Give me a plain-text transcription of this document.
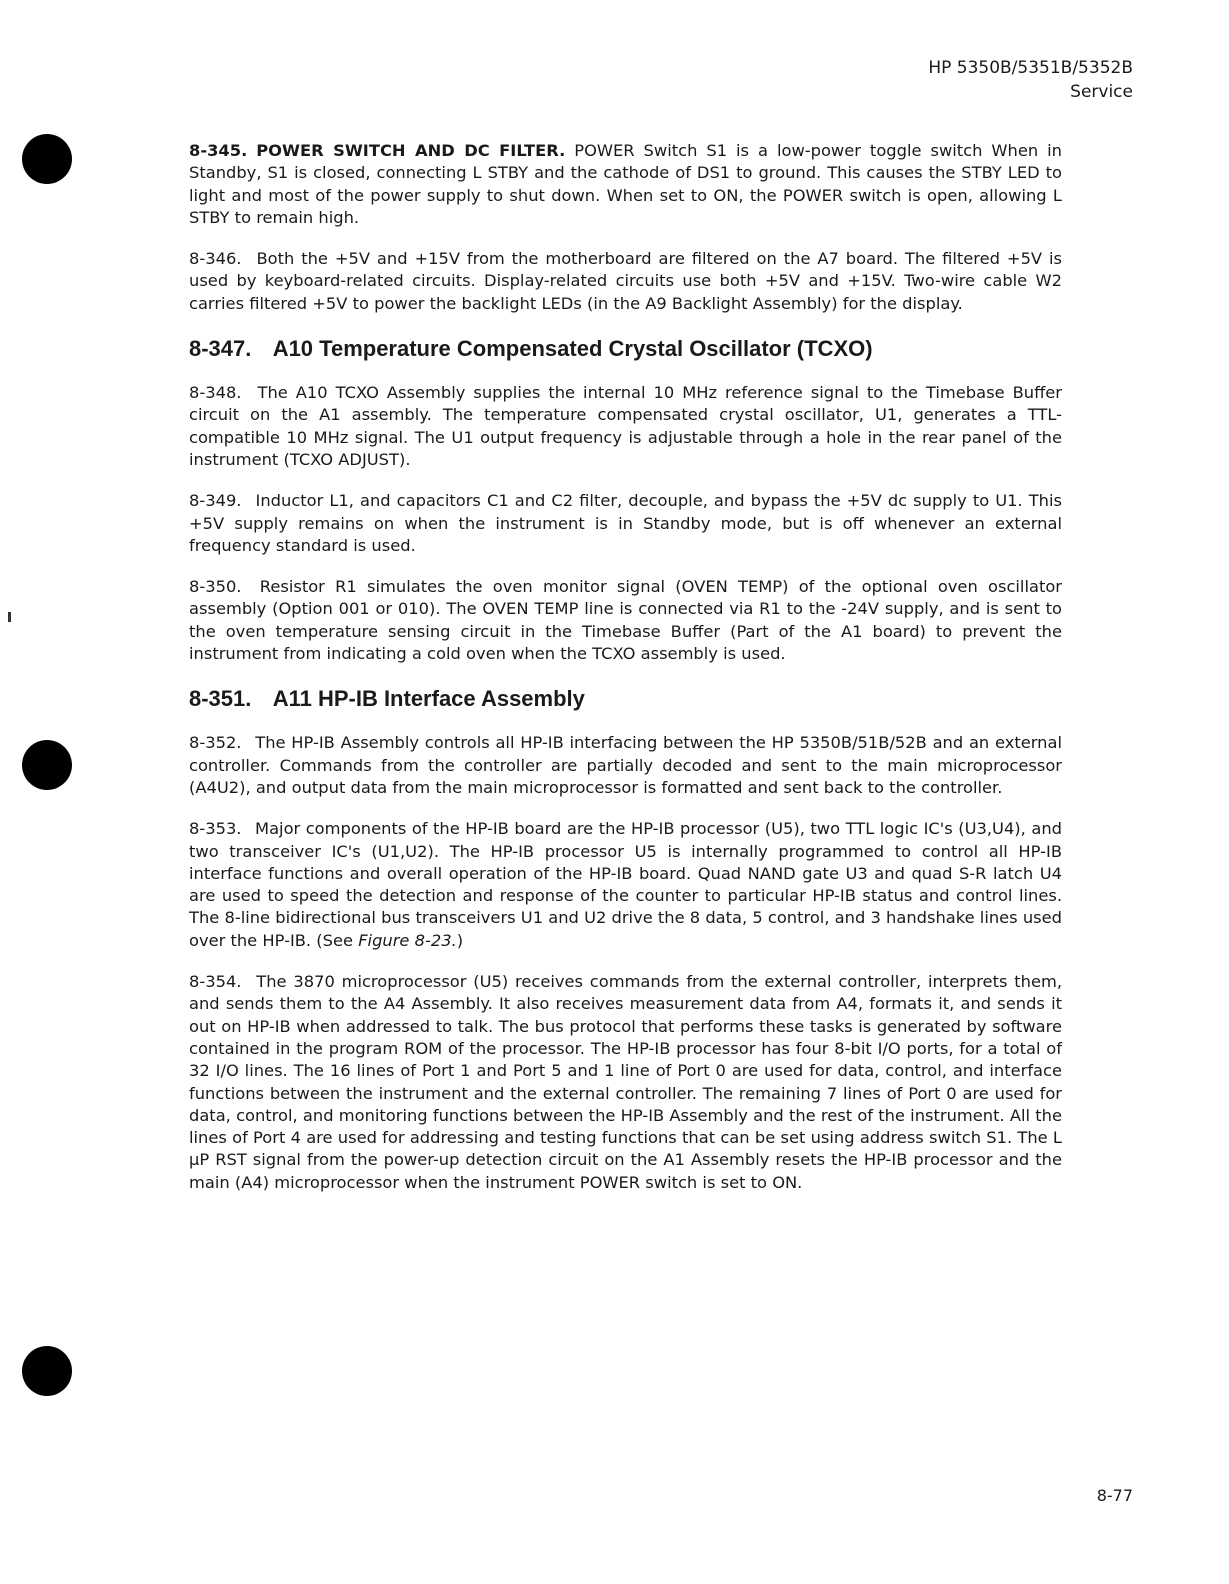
HP 5350B/5351B/5352B
Service

8-345. POWER SWITCH AND DC FILTER. POWER Switch S1 is a low-power toggle switch When in Standby, S1 is closed, connecting L STBY and the cathode of DS1 to ground. This causes the STBY LED to light and most of the power supply to shut down. When set to ON, the POWER switch is open, allowing L STBY to remain high.

8-346. Both the +5V and +15V from the motherboard are filtered on the A7 board. The filtered +5V is used by keyboard-related circuits. Display-related circuits use both +5V and +15V. Two-wire cable W2 carries filtered +5V to power the backlight LEDs (in the A9 Backlight Assembly) for the display.

8-347. A10 Temperature Compensated Crystal Oscillator (TCXO)

8-348. The A10 TCXO Assembly supplies the internal 10 MHz reference signal to the Timebase Buffer circuit on the A1 assembly. The temperature compensated crystal oscillator, U1, generates a TTL-compatible 10 MHz signal. The U1 output frequency is adjustable through a hole in the rear panel of the instrument (TCXO ADJUST).

8-349. Inductor L1, and capacitors C1 and C2 filter, decouple, and bypass the +5V dc supply to U1. This +5V supply remains on when the instrument is in Standby mode, but is off whenever an external frequency standard is used.

8-350. Resistor R1 simulates the oven monitor signal (OVEN TEMP) of the optional oven oscillator assembly (Option 001 or 010). The OVEN TEMP line is connected via R1 to the -24V supply, and is sent to the oven temperature sensing circuit in the Timebase Buffer (Part of the A1 board) to prevent the instrument from indicating a cold oven when the TCXO assembly is used.

8-351. A11 HP-IB Interface Assembly

8-352. The HP-IB Assembly controls all HP-IB interfacing between the HP 5350B/51B/52B and an external controller. Commands from the controller are partially decoded and sent to the main microprocessor (A4U2), and output data from the main microprocessor is formatted and sent back to the controller.

8-353. Major components of the HP-IB board are the HP-IB processor (U5), two TTL logic IC's (U3,U4), and two transceiver IC's (U1,U2). The HP-IB processor U5 is internally programmed to control all HP-IB interface functions and overall operation of the HP-IB board. Quad NAND gate U3 and quad S-R latch U4 are used to speed the detection and response of the counter to particular HP-IB status and control lines. The 8-line bidirectional bus transceivers U1 and U2 drive the 8 data, 5 control, and 3 handshake lines used over the HP-IB. (See Figure 8-23.)

8-354. The 3870 microprocessor (U5) receives commands from the external controller, interprets them, and sends them to the A4 Assembly. It also receives measurement data from A4, formats it, and sends it out on HP-IB when addressed to talk. The bus protocol that performs these tasks is generated by software contained in the program ROM of the processor. The HP-IB processor has four 8-bit I/O ports, for a total of 32 I/O lines. The 16 lines of Port 1 and Port 5 and 1 line of Port 0 are used for data, control, and interface functions between the instrument and the external controller. The remaining 7 lines of Port 0 are used for data, control, and monitoring functions between the HP-IB Assembly and the rest of the instrument. All the lines of Port 4 are used for addressing and testing functions that can be set using address switch S1. The L μP RST signal from the power-up detection circuit on the A1 Assembly resets the HP-IB processor and the main (A4) microprocessor when the instrument POWER switch is set to ON.

8-77
